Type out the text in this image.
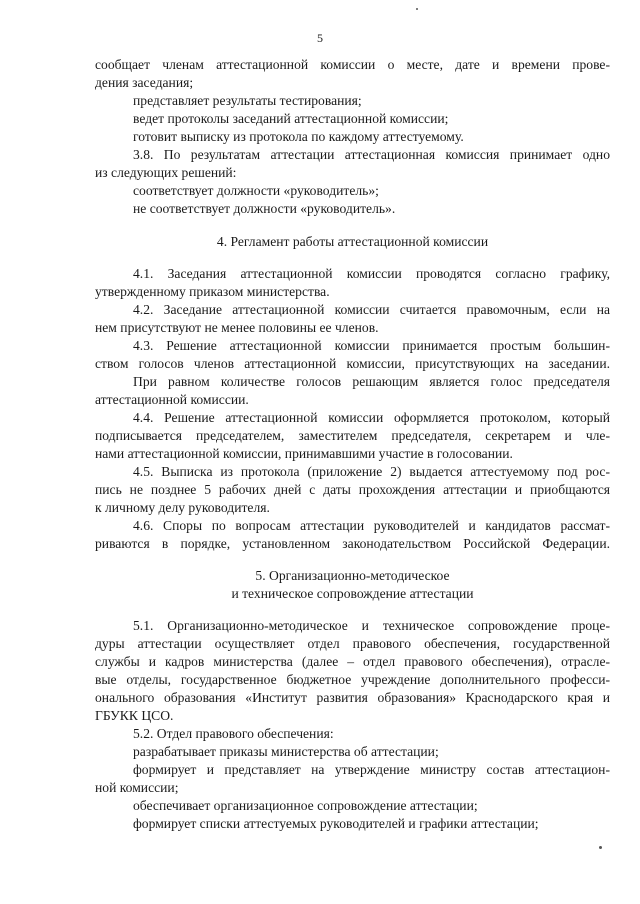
5
сообщает членам аттестационной комиссии о месте, дате и времени прове-
дения заседания;
представляет результаты тестирования;
ведет протоколы заседаний аттестационной комиссии;
готовит выписку из протокола по каждому аттестуемому.
3.8. По результатам аттестации аттестационная комиссия принимает одно
из следующих решений:
соответствует должности «руководитель»;
не соответствует должности «руководитель».
4. Регламент работы аттестационной комиссии
4.1. Заседания аттестационной комиссии проводятся согласно графику,
утвержденному приказом министерства.
4.2. Заседание аттестационной комиссии считается правомочным, если на
нем присутствуют не менее половины ее членов.
4.3. Решение аттестационной комиссии принимается простым большин-
ством голосов членов аттестационной комиссии, присутствующих на заседании.
При равном количестве голосов решающим является голос председателя
аттестационной комиссии.
4.4. Решение аттестационной комиссии оформляется протоколом, который
подписывается председателем, заместителем председателя, секретарем и чле-
нами аттестационной комиссии, принимавшими участие в голосовании.
4.5. Выписка из протокола (приложение 2) выдается аттестуемому под рос-
пись не позднее 5 рабочих дней с даты прохождения аттестации и приобщаются
к личному делу руководителя.
4.6. Споры по вопросам аттестации руководителей и кандидатов рассмат-
риваются в порядке, установленном законодательством Российской Федерации.
5. Организационно-методическое
и техническое сопровождение аттестации
5.1. Организационно-методическое и техническое сопровождение проце-
дуры аттестации осуществляет отдел правового обеспечения, государственной
службы и кадров министерства (далее – отдел правового обеспечения), отрасле-
вые отделы, государственное бюджетное учреждение дополнительного професси-
онального образования «Институт развития образования» Краснодарского края и
ГБУКК ЦСО.
5.2. Отдел правового обеспечения:
разрабатывает приказы министерства об аттестации;
формирует и представляет на утверждение министру состав аттестацион-
ной комиссии;
обеспечивает организационное сопровождение аттестации;
формирует списки аттестуемых руководителей и графики аттестации;
